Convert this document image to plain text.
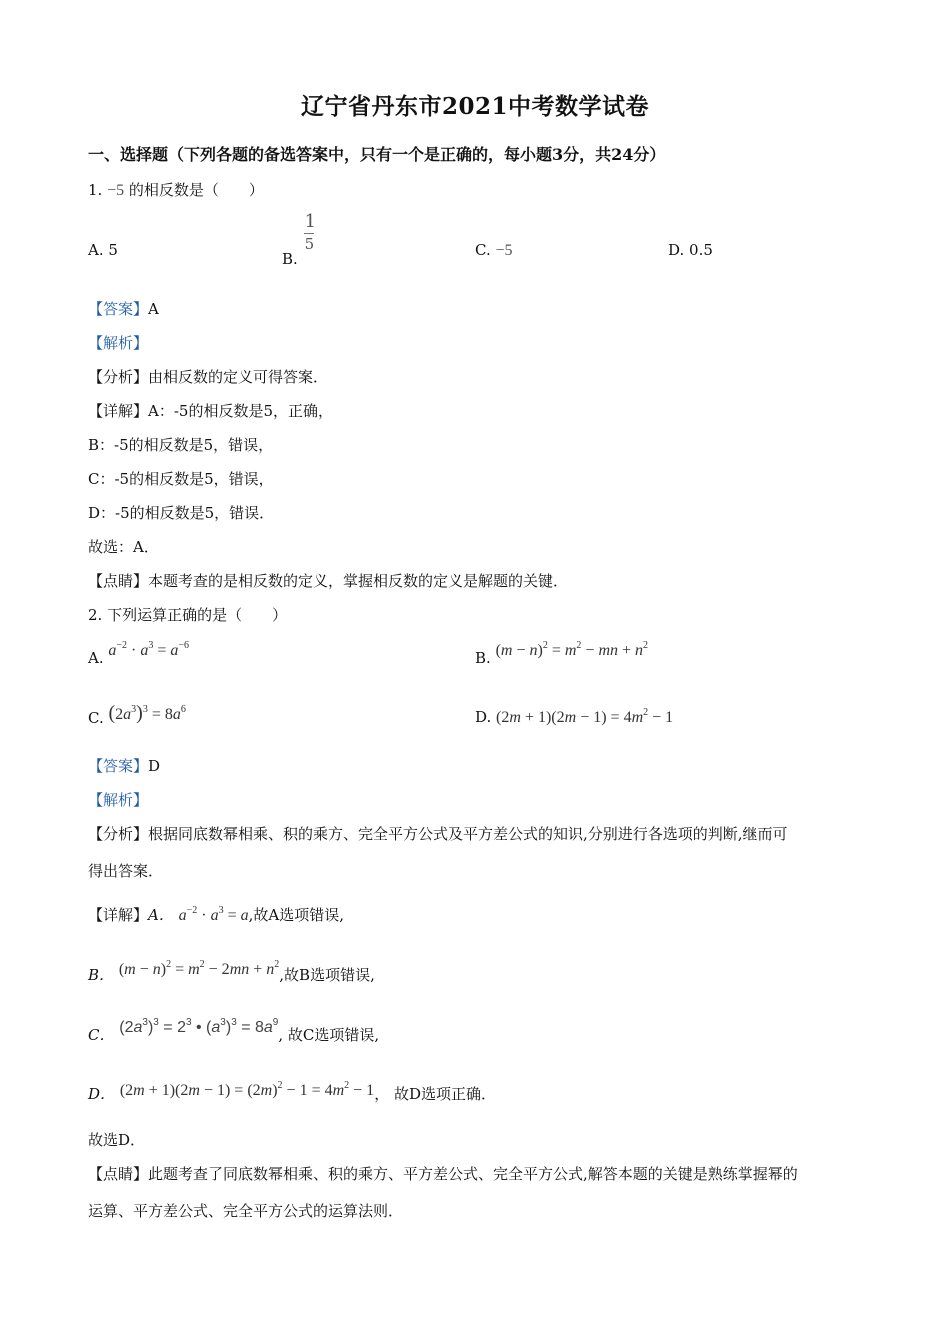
辽宁省丹东市2021中考数学试卷
一、选择题（下列各题的备选答案中，只有一个是正确的，每小题3分，共24分）
1. −5 的相反数是（　　）
A. 5	B.
$\frac{1}{5}$	C. −5	D. 0.5
【答案】A
【解析】
【分析】由相反数的定义可得答案．
【详解】A：-5的相反数是5，正确，
B：-5的相反数是5，错误，
C：-5的相反数是5，错误，
D：-5的相反数是5，错误．
故选：A．
【点睛】本题考查的是相反数的定义，掌握相反数的定义是解题的关键．
2. 下列运算正确的是（　　）
A. $a^{-2} \cdot a^3 = a^{-6}$
B. $(m - n)^2 = m^2$ − mn + $n^2$
C. $(2a^3)^3 = 8a^6$	D. $(2m + 1)(2m - 1) = 4m^2 - 1$
【答案】D
【解析】
【分析】根据同底数幂相乘、积的乘方、完全平方公式及平方差公式的知识,分别进行各选项的判断,继而可
得出答案．
【详解】A． $a^{-2} \cdot a^3 = a$,故A选项错误,
B． $(m - n)^2 = m^2 - 2mn + n^2$,故B选项错误,
C． $(2a^3)^3 = 2^3$ • $(a^3)^3 = 8a^9$, 故C选项错误,
D． $(2m + 1)(2m - 1) = (2m)^2 - 1 = 4m^2 - 1$， 故D选项正确．
故选D．
【点睛】此题考查了同底数幂相乘、积的乘方、平方差公式、完全平方公式,解答本题的关键是熟练掌握幂的
运算、平方差公式、完全平方公式的运算法则．
